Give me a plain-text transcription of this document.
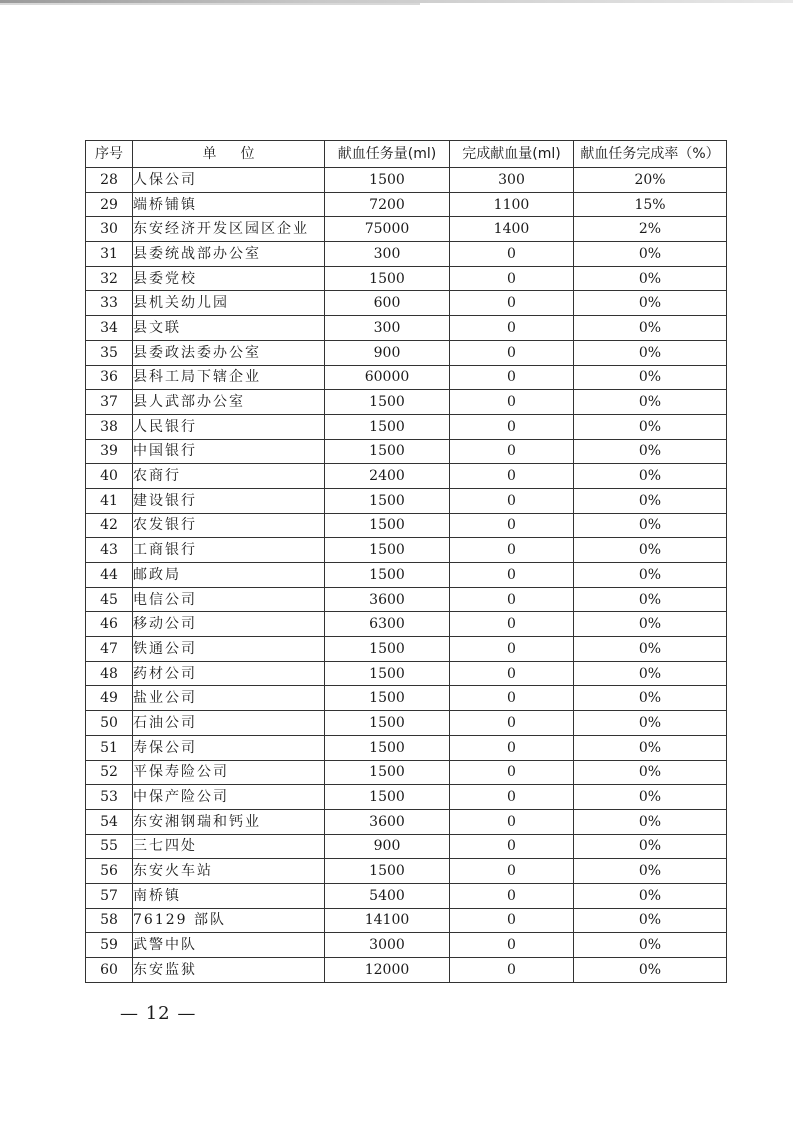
序号	单位	献血任务量(ml)	完成献血量(ml)	献血任务完成率（%）
28	人保公司	1500	300	20%
29	端桥铺镇	7200	1100	15%
30	东安经济开发区园区企业	75000	1400	2%
31	县委统战部办公室	300	0	0%
32	县委党校	1500	0	0%
33	县机关幼儿园	600	0	0%
34	县文联	300	0	0%
35	县委政法委办公室	900	0	0%
36	县科工局下辖企业	60000	0	0%
37	县人武部办公室	1500	0	0%
38	人民银行	1500	0	0%
39	中国银行	1500	0	0%
40	农商行	2400	0	0%
41	建设银行	1500	0	0%
42	农发银行	1500	0	0%
43	工商银行	1500	0	0%
44	邮政局	1500	0	0%
45	电信公司	3600	0	0%
46	移动公司	6300	0	0%
47	铁通公司	1500	0	0%
48	药材公司	1500	0	0%
49	盐业公司	1500	0	0%
50	石油公司	1500	0	0%
51	寿保公司	1500	0	0%
52	平保寿险公司	1500	0	0%
53	中保产险公司	1500	0	0%
54	东安湘钢瑞和钙业	3600	0	0%
55	三七四处	900	0	0%
56	东安火车站	1500	0	0%
57	南桥镇	5400	0	0%
58	76129 部队	14100	0	0%
59	武警中队	3000	0	0%
60	东安监狱	12000	0	0%
— 12 —
